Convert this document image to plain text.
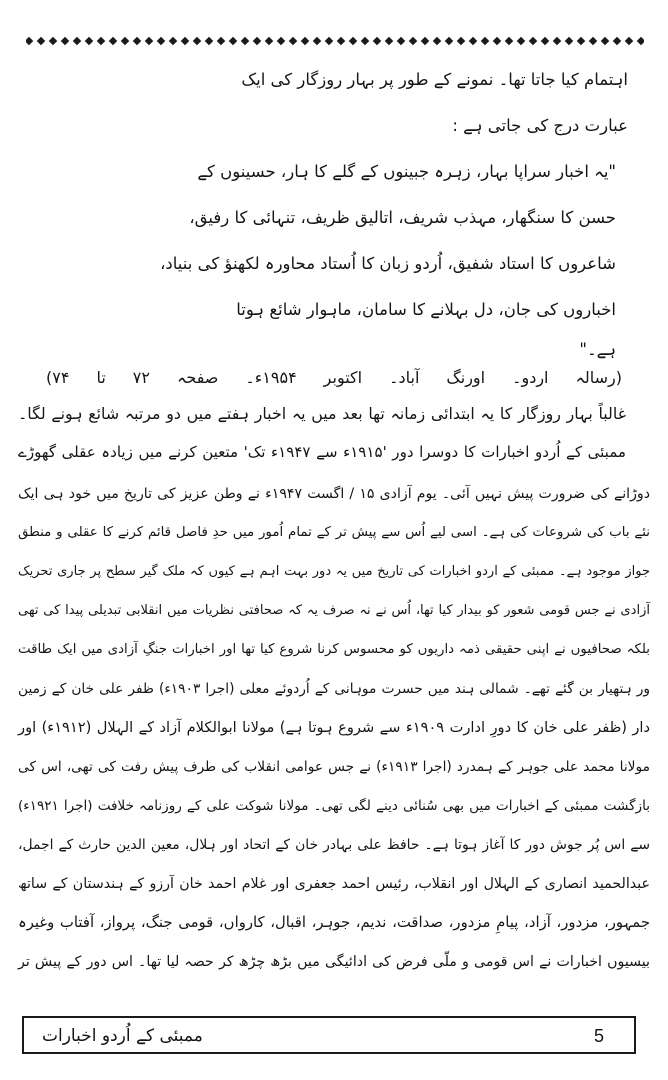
اہتمام کیا جاتا تھا۔ نمونے کے طور پر بہار روزگار کی ایک
عبارت درج کی جاتی ہے :
"یہ اخبار سراپا بہار، زہرہ جبینوں کے گلے کا ہار، حسینوں کے
حسن کا سنگھار، مہذب شریف، اتالیق ظریف، تنہائی کا رفیق،
شاعروں کا استاد شفیق، اُردو زبان کا اُستاد محاورہ لکھنؤ کی بنیاد،
اخباروں کی جان، دل بہلانے کا سامان، ماہوار شائع ہوتا
ہے۔"
(رسالہ اردو۔ اورنگ آباد۔ اکتوبر ۱۹۵۴ء۔ صفحہ ۷۲ تا ۷۴)
غالباً بہار روزگار کا یہ ابتدائی زمانہ تھا بعد میں یہ اخبار ہفتے میں دو مرتبہ شائع ہونے لگا۔
ممبئی کے اُردو اخبارات کا دوسرا دور '۱۹۱۵ء سے ۱۹۴۷ء تک' متعین کرنے میں زیادہ عقلی گھوڑے
دوڑانے کی ضرورت پیش نہیں آئی۔ یوم آزادی ۱۵ / اگست ۱۹۴۷ء نے وطن عزیز کی تاریخ میں خود ہی ایک
نئے باب کی شروعات کی ہے۔ اسی لیے اُس سے پیش تر کے تمام اُمور میں حدِ فاصل قائم کرنے کا عقلی و منطق
جواز موجود ہے۔ ممبئی کے اردو اخبارات کی تاریخ میں یہ دور بہت اہم ہے کیوں کہ ملک گیر سطح پر جاری تحریک
آزادی نے جس قومی شعور کو بیدار کیا تھا، اُس نے نہ صرف یہ کہ صحافتی نظریات میں انقلابی تبدیلی پیدا کی تھی
بلکہ صحافیوں نے اپنی حقیقی ذمہ داریوں کو محسوس کرنا شروع کیا تھا اور اخبارات جنگِ آزادی میں ایک طاقت
ور ہتھیار بن گئے تھے۔ شمالی ہند میں حسرت موہانی کے اُردوئے معلی (اجرا ۱۹۰۳ء) ظفر علی خان کے زمین
دار (ظفر علی خان کا دورِ ادارت ۱۹۰۹ء سے شروع ہوتا ہے) مولانا ابوالکلام آزاد کے الہلال (۱۹۱۲ء) اور
مولانا محمد علی جوہر کے ہمدرد (اجرا ۱۹۱۳ء) نے جس عوامی انقلاب کی طرف پیش رفت کی تھی، اس کی
بازگشت ممبئی کے اخبارات میں بھی سُنائی دینے لگی تھی۔ مولانا شوکت علی کے روزنامہ خلافت (اجرا ۱۹۲۱ء)
سے اس پُر جوش دور کا آغاز ہوتا ہے۔ حافظ علی بہادر خان کے اتحاد اور ہلال، معین الدین حارث کے اجمل،
عبدالحمید انصاری کے الہلال اور انقلاب، رئیس احمد جعفری اور غلام احمد خان آرزو کے ہندستان کے ساتھ
جمہور، مزدور، آزاد، پیامِ مزدور، صداقت، ندیم، جوہر، اقبال، کارواں، قومی جنگ، پرواز، آفتاب وغیرہ
بیسیوں اخبارات نے اس قومی و ملّی فرض کی ادائیگی میں بڑھ چڑھ کر حصہ لیا تھا۔ اس دور کے پیش تر
ممبئی کے اُردو اخبارات	5
